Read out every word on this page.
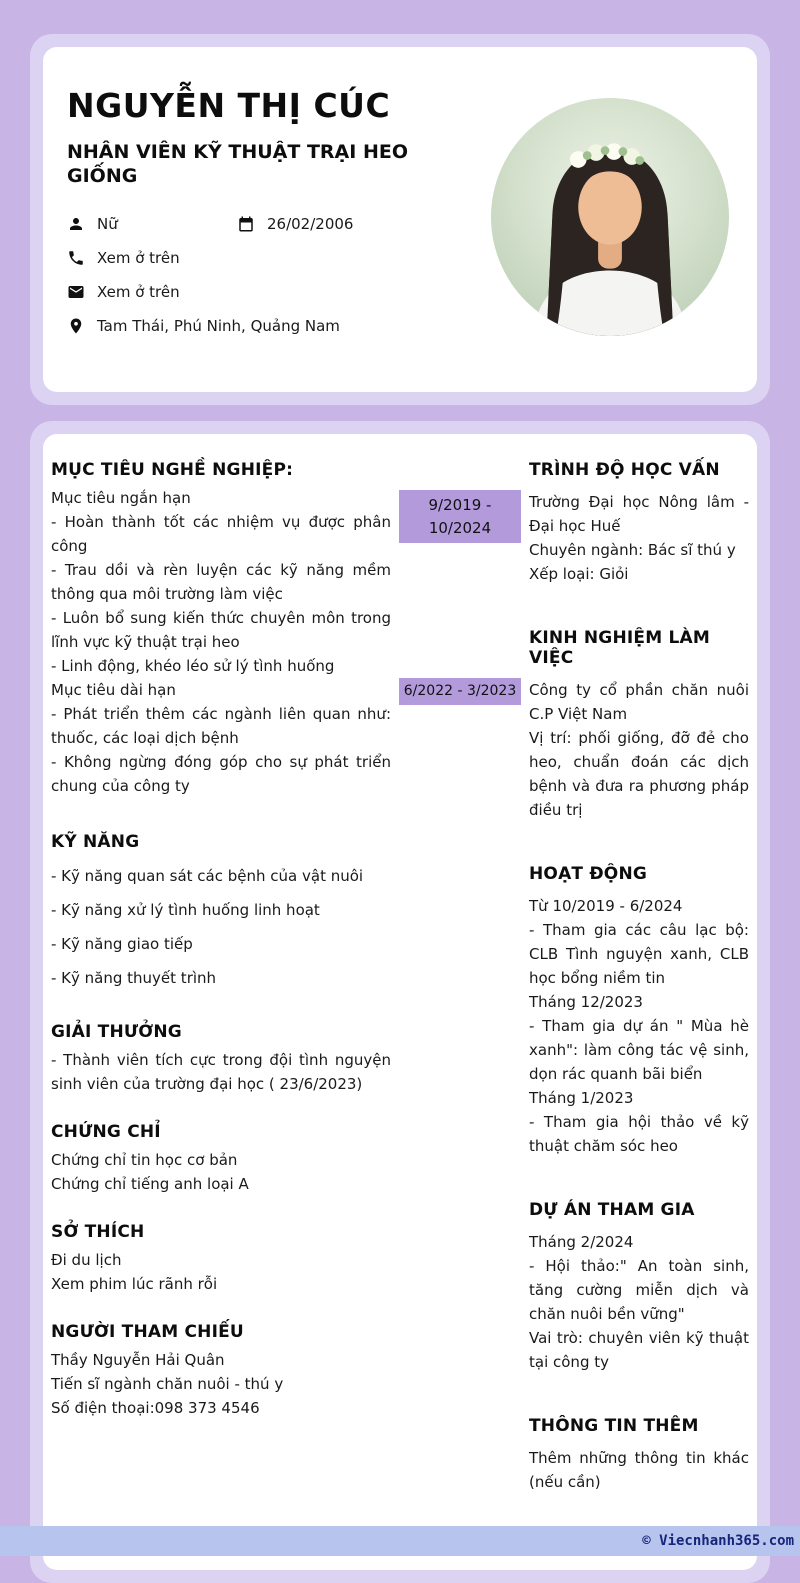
NGUYỄN THỊ CÚC
NHÂN VIÊN KỸ THUẬT TRẠI HEO GIỐNG
Nữ	26/02/2006
Xem ở trên
Xem ở trên
Tam Thái, Phú Ninh, Quảng Nam
MỤC TIÊU NGHỀ NGHIỆP:

Mục tiêu ngắn hạn

- Hoàn thành tốt các nhiệm vụ được phân công

- Trau dồi và rèn luyện các kỹ năng mềm thông qua môi trường làm việc

- Luôn bổ sung kiến thức chuyên môn trong lĩnh vực kỹ thuật trại heo

- Linh động, khéo léo sử lý tình huống

Mục tiêu dài hạn

- Phát triển thêm các ngành liên quan như: thuốc, các loại dịch bệnh

- Không ngừng đóng góp cho sự phát triển chung của công ty

KỸ NĂNG

- Kỹ năng quan sát các bệnh của vật nuôi

- Kỹ năng xử lý tình huống linh hoạt

- Kỹ năng giao tiếp

- Kỹ năng thuyết trình

GIẢI THƯỞNG

- Thành viên tích cực trong đội tình nguyện sinh viên của trường đại học ( 23/6/2023)

CHỨNG CHỈ

Chứng chỉ tin học cơ bản

Chứng chỉ tiếng anh loại A

SỞ THÍCH

Đi du lịch

Xem phim lúc rãnh rỗi

NGƯỜI THAM CHIẾU

Thầy Nguyễn Hải Quân

Tiến sĩ ngành chăn nuôi - thú y

Số điện thoại:098 373 4546

TRÌNH ĐỘ HỌC VẤN
9/2019 - 10/2024

Trường Đại học Nông lâm - Đại học Huế

Chuyên ngành: Bác sĩ thú y

Xếp loại: Giỏi

KINH NGHIỆM LÀM VIỆC
6/2022 - 3/2023 Công ty cổ phần chăn nuôi C.P Việt Nam

Vị trí: phối giống, đỡ đẻ cho heo, chuẩn đoán các dịch bệnh và đưa ra phương pháp điều trị

HOẠT ĐỘNG

Từ 10/2019 - 6/2024

- Tham gia các câu lạc bộ: CLB Tình nguyện xanh, CLB học bổng niềm tin

Tháng 12/2023

- Tham gia dự án " Mùa hè xanh": làm công tác vệ sinh, dọn rác quanh bãi biển

Tháng 1/2023

- Tham gia hội thảo về kỹ thuật chăm sóc heo

DỰ ÁN THAM GIA

Tháng 2/2024

- Hội thảo:" An toàn sinh, tăng cường miễn dịch và chăn nuôi bền vững"

Vai trò: chuyên viên kỹ thuật tại công ty

THÔNG TIN THÊM

Thêm những thông tin khác (nếu cần)

© Viecnhanh365.com
